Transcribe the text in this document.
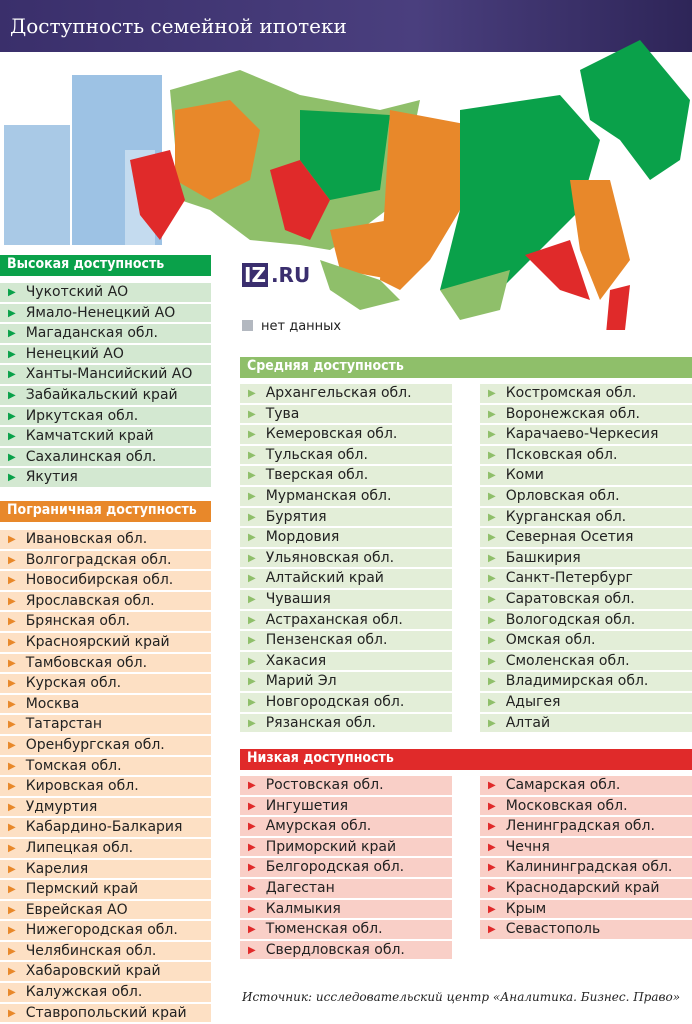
Доступность семейной ипотеки
IZ .RU
нет данных
Высокая доступность
▶ Чукотский АО
▶ Ямало-Ненецкий АО
▶ Магаданская обл.
▶ Ненецкий АО
▶ Ханты-Мансийский АО
▶ Забайкальский край
▶ Иркутская обл.
▶ Камчатский край
▶ Сахалинская обл.
▶ Якутия
Пограничная доступность
▶ Ивановская обл.
▶ Волгоградская обл.
▶ Новосибирская обл.
▶ Ярославская обл.
▶ Брянская обл.
▶ Красноярский край
▶ Тамбовская обл.
▶ Курская обл.
▶ Москва
▶ Татарстан
▶ Оренбургская обл.
▶ Томская обл.
▶ Кировская обл.
▶ Удмуртия
▶ Кабардино-Балкария
▶ Липецкая обл.
▶ Карелия
▶ Пермский край
▶ Еврейская АО
▶ Нижегородская обл.
▶ Челябинская обл.
▶ Хабаровский край
▶ Калужская обл.
▶ Ставропольский край
Средняя доступность
▶ Архангельская обл.
▶ Тува
▶ Кемеровская обл.
▶ Тульская обл.
▶ Тверская обл.
▶ Мурманская обл.
▶ Бурятия
▶ Мордовия
▶ Ульяновская обл.
▶ Алтайский край
▶ Чувашия
▶ Астраханская обл.
▶ Пензенская обл.
▶ Хакасия
▶ Марий Эл
▶ Новгородская обл.
▶ Рязанская обл.
▶ Костромская обл.
▶ Воронежская обл.
▶ Карачаево-Черкесия
▶ Псковская обл.
▶ Коми
▶ Орловская обл.
▶ Курганская обл.
▶ Северная Осетия
▶ Башкирия
▶ Санкт-Петербург
▶ Саратовская обл.
▶ Вологодская обл.
▶ Омская обл.
▶ Смоленская обл.
▶ Владимирская обл.
▶ Адыгея
▶ Алтай
Низкая доступность
▶ Ростовская обл.
▶ Ингушетия
▶ Амурская обл.
▶ Приморский край
▶ Белгородская обл.
▶ Дагестан
▶ Калмыкия
▶ Тюменская обл.
▶ Свердловская обл.
▶ Самарская обл.
▶ Московская обл.
▶ Ленинградская обл.
▶ Чечня
▶ Калининградская обл.
▶ Краснодарский край
▶ Крым
▶ Севастополь
Источник: исследовательский центр «Аналитика. Бизнес. Право»
